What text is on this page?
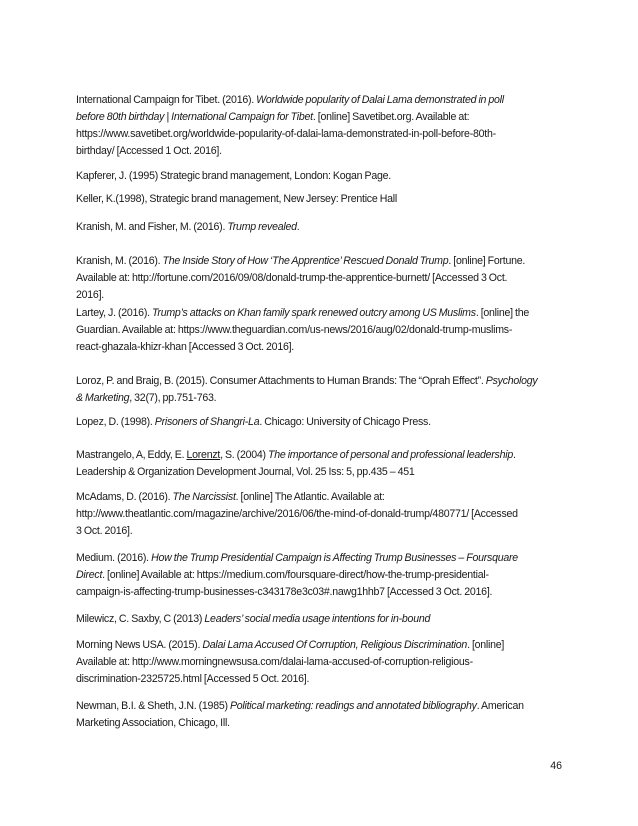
International Campaign for Tibet. (2016). Worldwide popularity of Dalai Lama demonstrated in poll
before 80th birthday | International Campaign for Tibet. [online] Savetibet.org. Available at:
https://www.savetibet.org/worldwide-popularity-of-dalai-lama-demonstrated-in-poll-before-80th-
birthday/ [Accessed 1 Oct. 2016].

Kapferer, J. (1995) Strategic brand management, London: Kogan Page.

Keller, K.(1998), Strategic brand management, New Jersey: Prentice Hall

Kranish, M. and Fisher, M. (2016). Trump revealed.

Kranish, M. (2016). The Inside Story of How ‘The Apprentice’ Rescued Donald Trump. [online] Fortune.
Available at: http://fortune.com/2016/09/08/donald-trump-the-apprentice-burnett/ [Accessed 3 Oct.
2016].

Lartey, J. (2016). Trump’s attacks on Khan family spark renewed outcry among US Muslims. [online] the
Guardian. Available at: https://www.theguardian.com/us-news/2016/aug/02/donald-trump-muslims-
react-ghazala-khizr-khan [Accessed 3 Oct. 2016].

Loroz, P. and Braig, B. (2015). Consumer Attachments to Human Brands: The “Oprah Effect”. Psychology
& Marketing, 32(7), pp.751-763.

Lopez, D. (1998). Prisoners of Shangri-La. Chicago: University of Chicago Press.

Mastrangelo, A, Eddy, E. Lorenzt, S. (2004) The importance of personal and professional leadership.
Leadership & Organization Development Journal, Vol. 25 Iss: 5, pp.435 – 451

McAdams, D. (2016). The Narcissist. [online] The Atlantic. Available at:
http://www.theatlantic.com/magazine/archive/2016/06/the-mind-of-donald-trump/480771/ [Accessed
3 Oct. 2016].

Medium. (2016). How the Trump Presidential Campaign is Affecting Trump Businesses – Foursquare
Direct. [online] Available at: https://medium.com/foursquare-direct/how-the-trump-presidential-
campaign-is-affecting-trump-businesses-c343178e3c03#.nawg1hhb7 [Accessed 3 Oct. 2016].

Milewicz, C. Saxby, C (2013) Leaders’ social media usage intentions for in-bound

Morning News USA. (2015). Dalai Lama Accused Of Corruption, Religious Discrimination. [online]
Available at: http://www.morningnewsusa.com/dalai-lama-accused-of-corruption-religious-
discrimination-2325725.html [Accessed 5 Oct. 2016].

Newman, B.I. & Sheth, J.N. (1985) Political marketing: readings and annotated bibliography. American
Marketing Association, Chicago, Ill.

46
